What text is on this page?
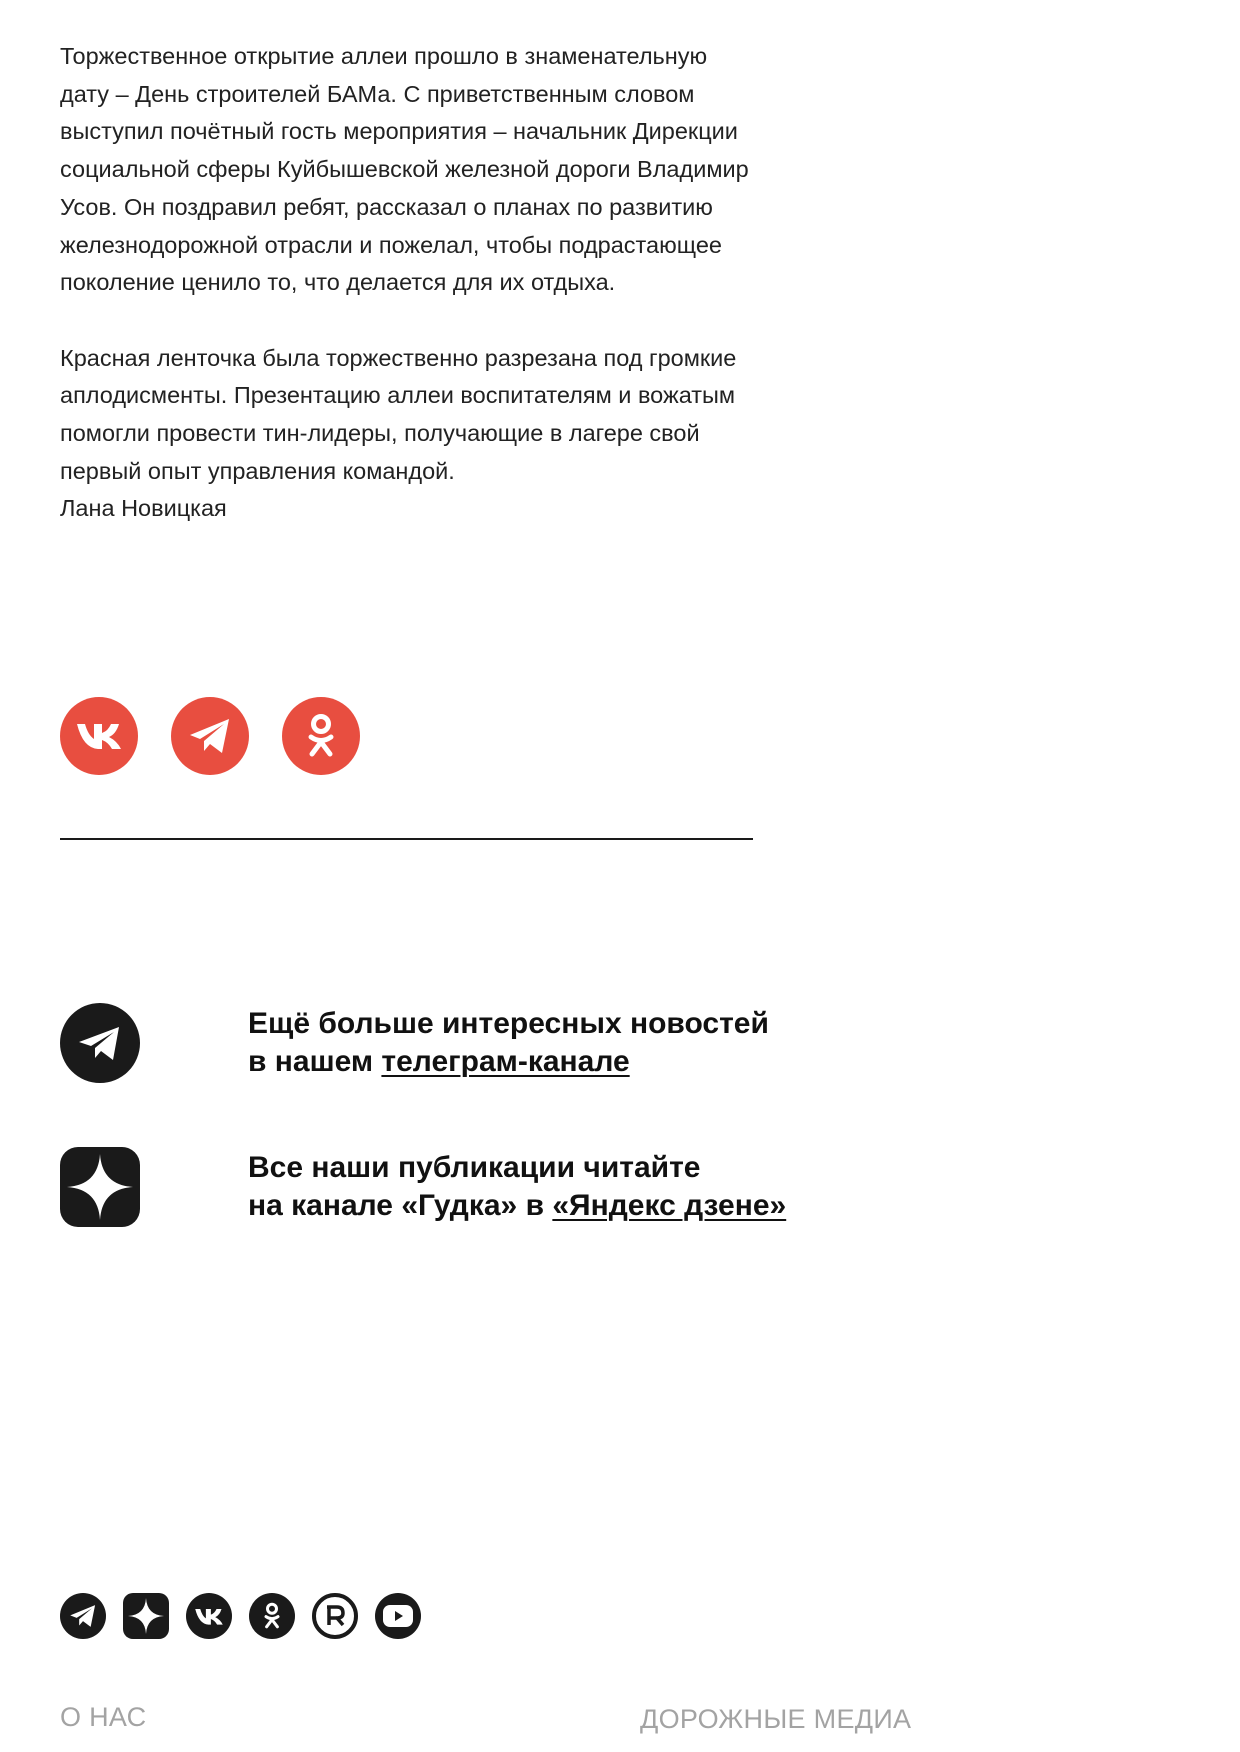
Торжественное открытие аллеи прошло в знаменательную дату – День строителей БАМа. С приветственным словом выступил почётный гость мероприятия – начальник Дирекции социальной сферы Куйбышевской железной дороги Владимир Усов. Он поздравил ребят, рассказал о планах по развитию железнодорожной отрасли и пожелал, чтобы подрастающее поколение ценило то, что делается для их отдыха.

Красная ленточка была торжественно разрезана под громкие аплодисменты. Презентацию аллеи воспитателям и вожатым помогли провести тин-лидеры, получающие в лагере свой первый опыт управления командой.

Лана Новицкая

Ещё больше интересных новостей
в нашем телеграм-канале
Все наши публикации читайте
на канале «Гудка» в «Яндекс дзене»
О НАС	ДОРОЖНЫЕ МЕДИА
